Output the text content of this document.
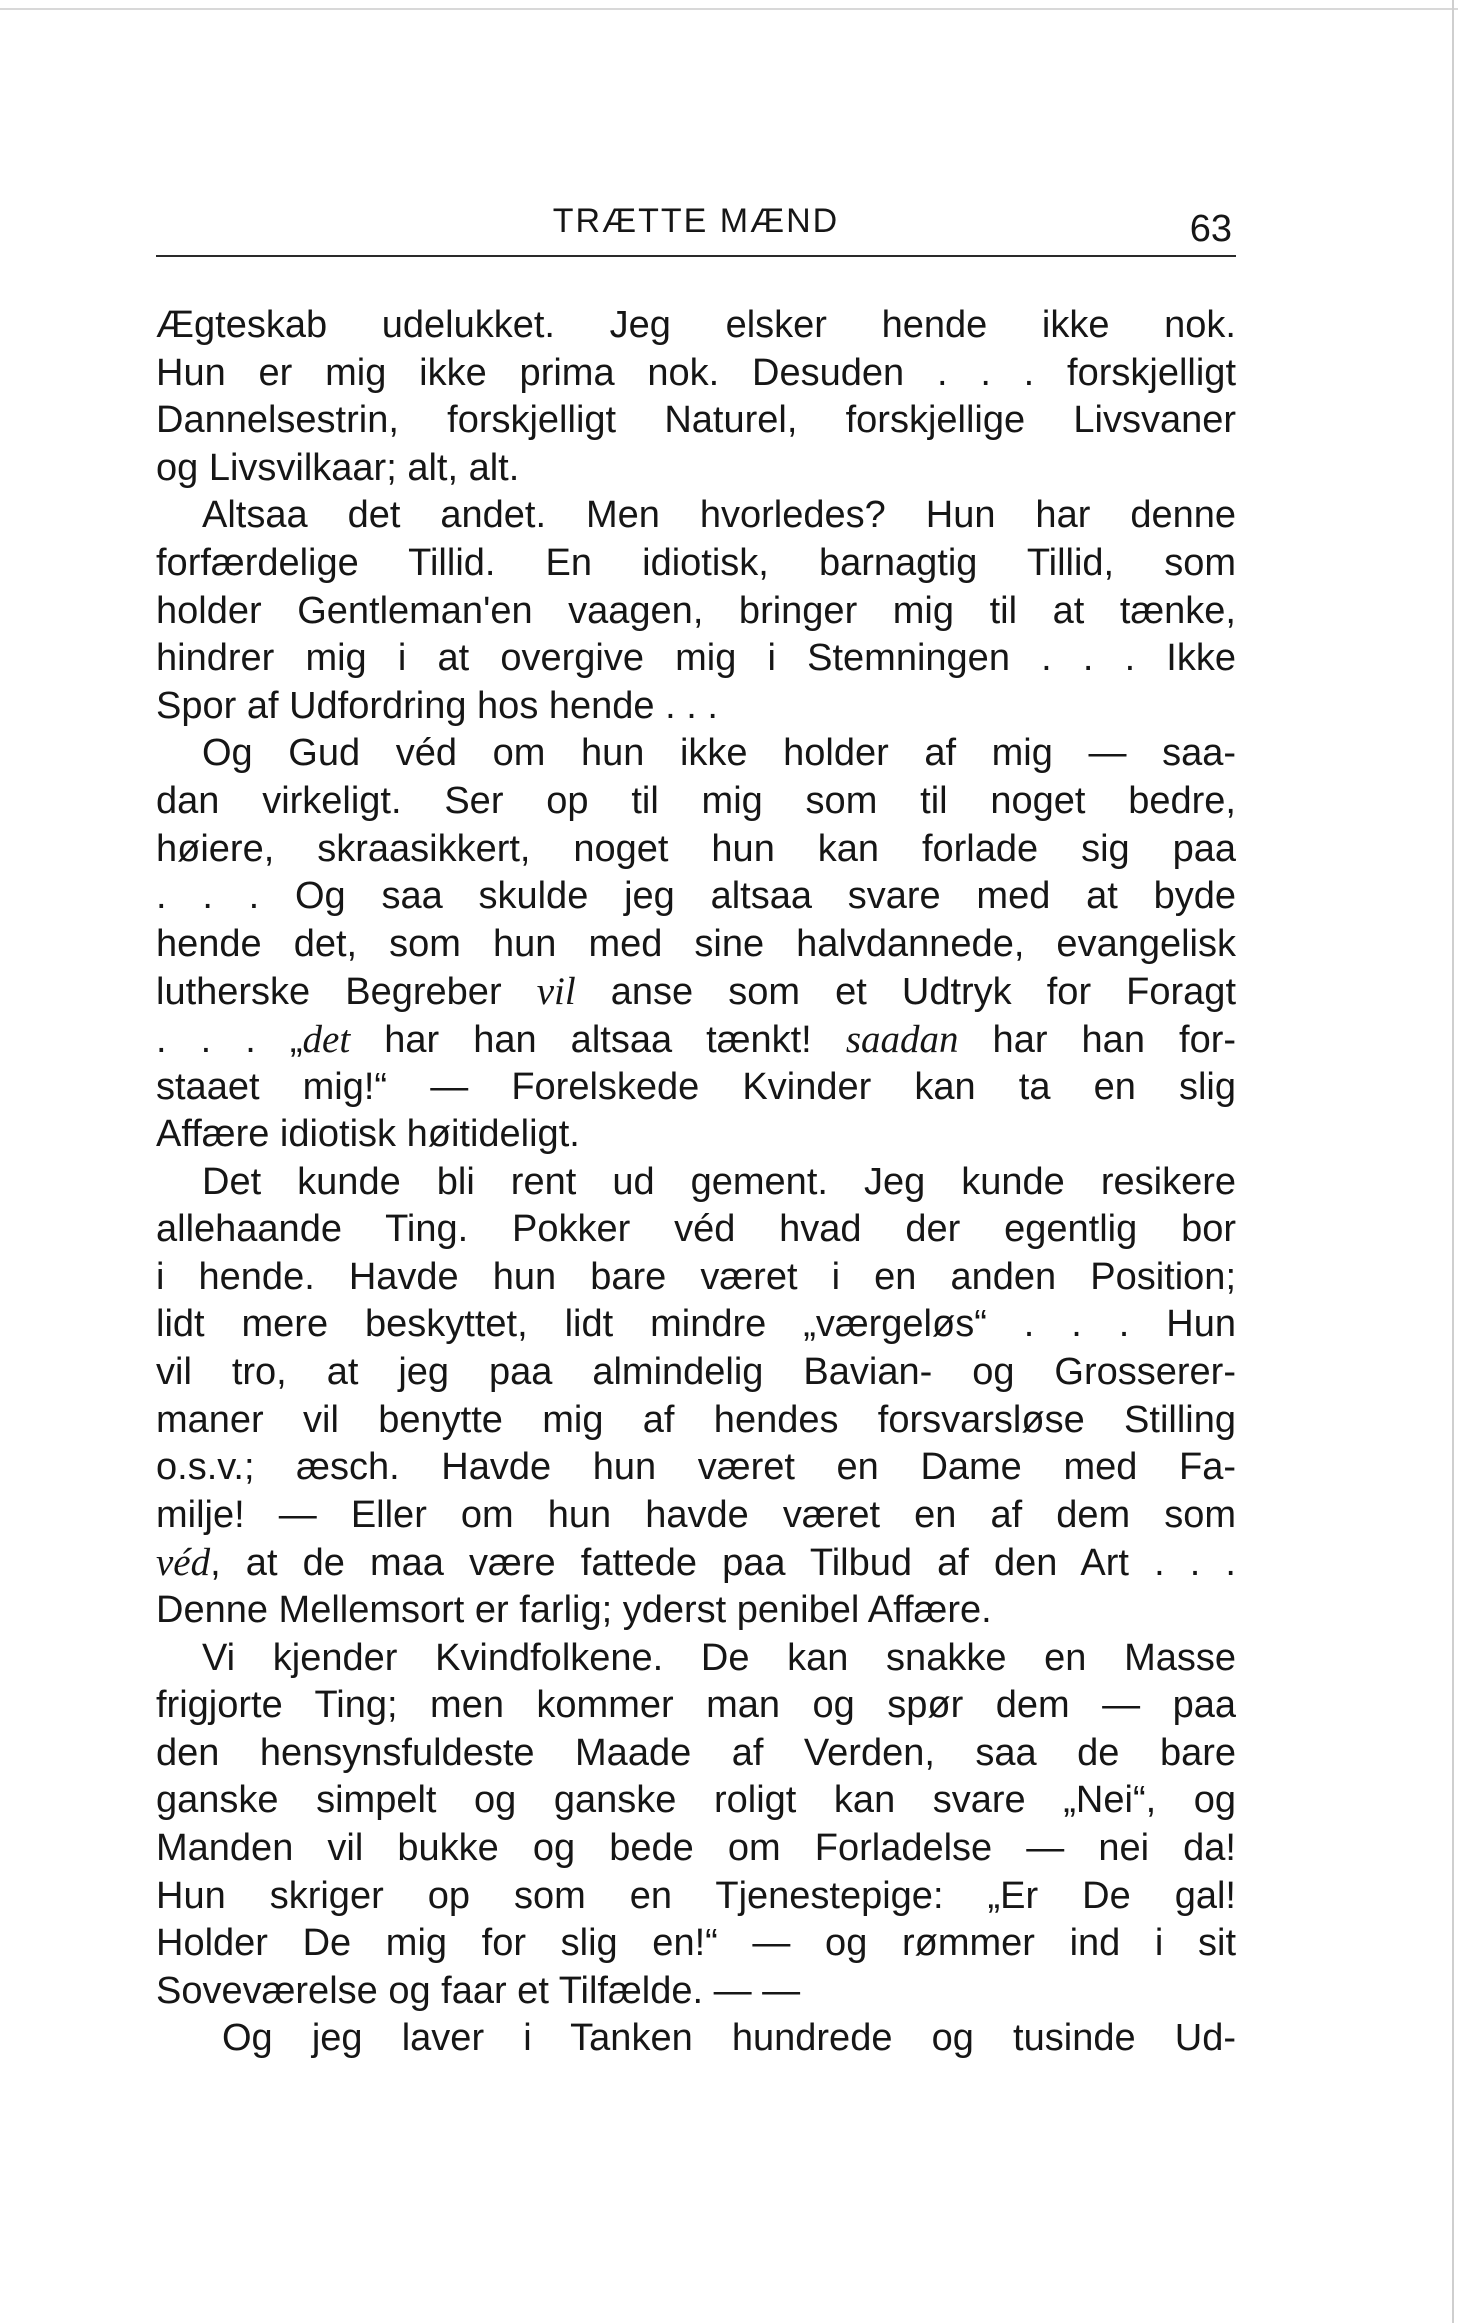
TRÆTTE MÆND	63
Ægteskab udelukket. Jeg elsker hende ikke nok.
Hun er mig ikke prima nok. Desuden . . . forskjelligt
Dannelsestrin, forskjelligt Naturel, forskjellige Livsvaner
og Livsvilkaar; alt, alt.
Altsaa det andet. Men hvorledes? Hun har denne
forfærdelige Tillid. En idiotisk, barnagtig Tillid, som
holder Gentleman'en vaagen, bringer mig til at tænke,
hindrer mig i at overgive mig i Stemningen . . . Ikke
Spor af Udfordring hos hende . . .
Og Gud véd om hun ikke holder af mig — saa-
dan virkeligt. Ser op til mig som til noget bedre,
høiere, skraasikkert, noget hun kan forlade sig paa
. . . Og saa skulde jeg altsaa svare med at byde
hende det, som hun med sine halvdannede, evangelisk
lutherske Begreber vil anse som et Udtryk for Foragt
. . . „det har han altsaa tænkt! saadan har han for-
staaet mig!“ — Forelskede Kvinder kan ta en slig
Affære idiotisk høitideligt.
Det kunde bli rent ud gement. Jeg kunde resikere
allehaande Ting. Pokker véd hvad der egentlig bor
i hende. Havde hun bare været i en anden Position;
lidt mere beskyttet, lidt mindre „værgeløs“ . . . Hun
vil tro, at jeg paa almindelig Bavian- og Grosserer-
maner vil benytte mig af hendes forsvarsløse Stilling
o.s.v.; æsch. Havde hun været en Dame med Fa-
milje! — Eller om hun havde været en af dem som
véd, at de maa være fattede paa Tilbud af den Art . . .
Denne Mellemsort er farlig; yderst penibel Affære.
Vi kjender Kvindfolkene. De kan snakke en Masse
frigjorte Ting; men kommer man og spør dem — paa
den hensynsfuldeste Maade af Verden, saa de bare
ganske simpelt og ganske roligt kan svare „Nei“, og
Manden vil bukke og bede om Forladelse — nei da!
Hun skriger op som en Tjenestepige: „Er De gal!
Holder De mig for slig en!“ — og rømmer ind i sit
Soveværelse og faar et Tilfælde. — —
Og jeg laver i Tanken hundrede og tusinde Ud-
